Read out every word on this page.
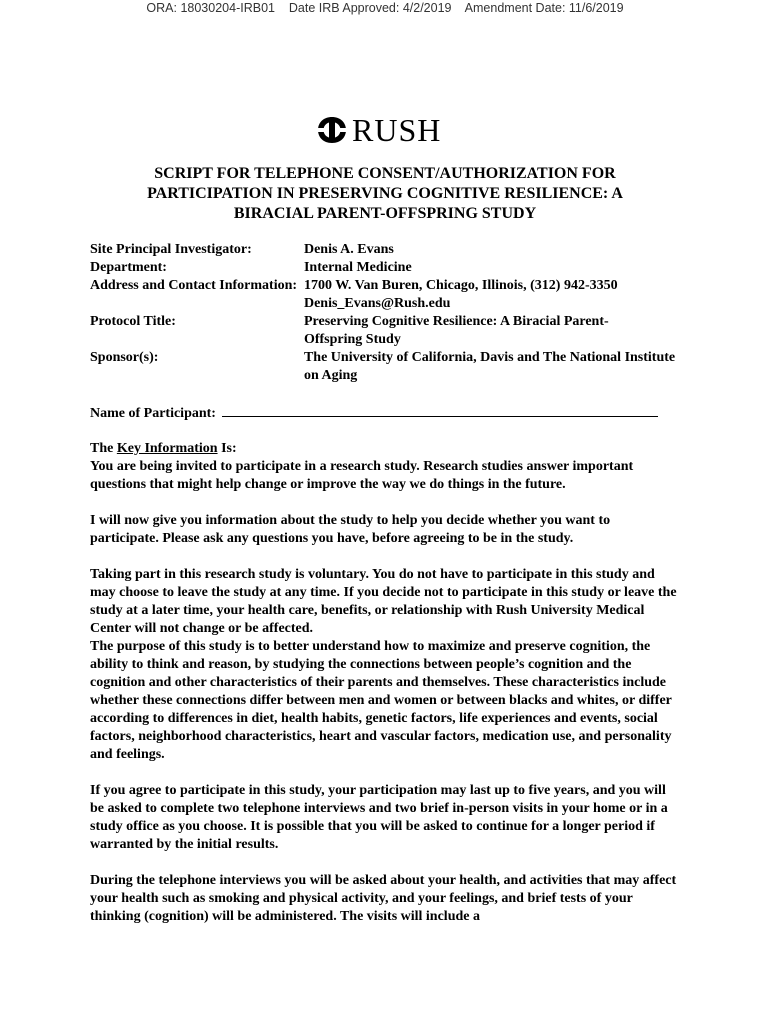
ORA: 18030204-IRB01    Date IRB Approved: 4/2/2019    Amendment Date: 11/6/2019
RUSH
SCRIPT FOR TELEPHONE CONSENT/AUTHORIZATION FOR
PARTICIPATION IN PRESERVING COGNITIVE RESILIENCE: A
BIRACIAL PARENT-OFFSPRING STUDY
Site Principal Investigator:	Denis A. Evans
Department:	Internal Medicine
Address and Contact Information:	1700 W. Van Buren, Chicago, Illinois, (312) 942-3350
Denis_Evans@Rush.edu

Protocol Title:	Preserving Cognitive Resilience: A Biracial Parent-Offspring Study
Sponsor(s):	The University of California, Davis and The National Institute on Aging
Name of Participant:

The Key Information Is:

You are being invited to participate in a research study. Research studies answer important questions that might help change or improve the way we do things in the future.

I will now give you information about the study to help you decide whether you want to participate. Please ask any questions you have, before agreeing to be in the study.

Taking part in this research study is voluntary. You do not have to participate in this study and may choose to leave the study at any time. If you decide not to participate in this study or leave the study at a later time, your health care, benefits, or relationship with Rush University Medical Center will not change or be affected.

The purpose of this study is to better understand how to maximize and preserve cognition, the ability to think and reason, by studying the connections between people’s cognition and the cognition and other characteristics of their parents and themselves. These characteristics include whether these connections differ between men and women or between blacks and whites, or differ according to differences in diet, health habits, genetic factors, life experiences and events, social factors, neighborhood characteristics, heart and vascular factors, medication use, and personality and feelings.

If you agree to participate in this study, your participation may last up to five years, and you will be asked to complete two telephone interviews and two brief in-person visits in your home or in a study office as you choose. It is possible that you will be asked to continue for a longer period if warranted by the initial results.

During the telephone interviews you will be asked about your health, and activities that may affect your health such as smoking and physical activity, and your feelings, and brief tests of your thinking (cognition) will be administered. The visits will include a
